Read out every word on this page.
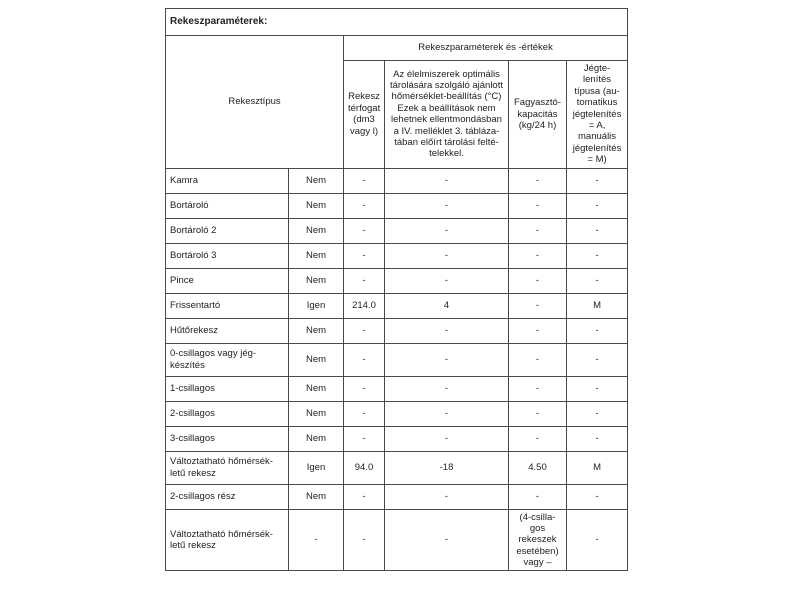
Rekeszparaméterek:					
Rekesztípus		Rekeszparaméterek és -értékek			
		Rekesz térfogat (dm3 vagy l)	Az élelmiszerek optimális tárolására szolgáló ajánlott hőmérséklet-beállítás (°C) Ezek a beállítások nem lehetnek ellentmondásban a IV. melléklet 3. tábláza-tában előírt tárolási felté-telekkel.	Fagyasztó-kapacitás (kg/24 h)	Jégte-lenítés típusa (au-tomatikus jégtelenítés = A, manuális jégtelenítés = M)
Kamra	Nem	-	-	-	-
Bortároló	Nem	-	-	-	-
Bortároló 2	Nem	-	-	-	-
Bortároló 3	Nem	-	-	-	-
Pince	Nem	-	-	-	-
Frissentartó	Igen	214.0	4	-	M
Hűtőrekesz	Nem	-	-	-	-
0-csillagos vagy jég-készítés	Nem	-	-	-	-
1-csillagos	Nem	-	-	-	-
2-csillagos	Nem	-	-	-	-
3-csillagos	Nem	-	-	-	-
Változtatható hőmérsék-letű rekesz	Igen	94.0	-18	4.50	M
2-csillagos rész	Nem	-	-	-	-
Változtatható hőmérsék-letű rekesz	-	-	-	(4-csilla-gos rekeszek esetében) vagy –	-
